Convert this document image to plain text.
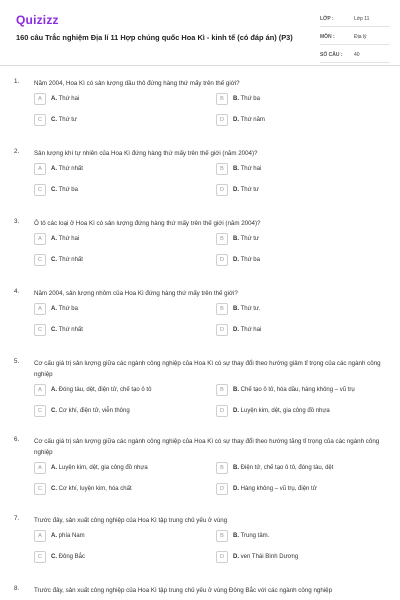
Quizizz
160 câu Trắc nghiệm Địa lí 11 Hợp chúng quốc Hoa Kì - kinh tế (có đáp án) (P3)
LỚP :	Lớp 11
MÔN :	Địa lý
SỐ CÂU :	40
1. Năm 2004, Hoa Kì có sản lượng dầu thô đứng hàng thứ mấy trên thế giới?
A	A. Thứ hai	B	B. Thứ ba
C	C. Thứ tư	D	D. Thứ năm
2. Sản lượng khí tự nhiên của Hoa Kì đứng hàng thứ mấy trên thế giới (năm 2004)?
A	A. Thứ nhất	B	B. Thứ hai
C	C. Thứ ba	D	D. Thứ tư
3. Ô tô các loại ở Hoa Kì có sản lượng đứng hàng thứ mấy trên thế giới (năm 2004)?
A	A. Thứ hai	B	B. Thứ tư
C	C. Thứ nhất	D	D. Thứ ba
4. Năm 2004, sản lượng nhôm của Hoa Kì đứng hàng thứ mấy trên thế giới?
A	A. Thứ ba	B	B. Thứ tư.
C	C. Thứ nhất	D	D. Thứ hai
5. Cơ cấu giá trị sản lượng giữa các ngành công nghiệp của Hoa Kì có sự thay đổi theo hướng giảm tỉ trọng của các ngành công nghiệp
A	A. Đóng tàu, dệt, điện tử, chế tạo ô tô	B	B. Chế tạo ô tô, hóa dầu, hàng không – vũ trụ
C	C. Cơ khí, điện tử, viễn thông	D	D. Luyện kim, dệt, gia công đồ nhựa
6. Cơ cấu giá trị sản lượng giữa các ngành công nghiệp của Hoa Kì có sự thay đổi theo hướng tăng tỉ trọng của các ngành công nghiệp
A	A. Luyện kim, dệt, gia công đồ nhựa	B	B. Điện tử, chế tạo ô tô, đóng tàu, dệt
C	C. Cơ khí, luyện kim, hóa chất	D	D. Hàng không – vũ trụ, điện tử
7. Trước đây, sản xuất công nghiệp của Hoa Kì tập trung chủ yếu ở vùng
A	A. phía Nam	B	B. Trung tâm.
C	C. Đông Bắc	D	D. ven Thái Bình Dương
8. Trước đây, sản xuất công nghiệp của Hoa Kì tập trung chủ yếu ở vùng Đông Bắc với các ngành công nghiệp
